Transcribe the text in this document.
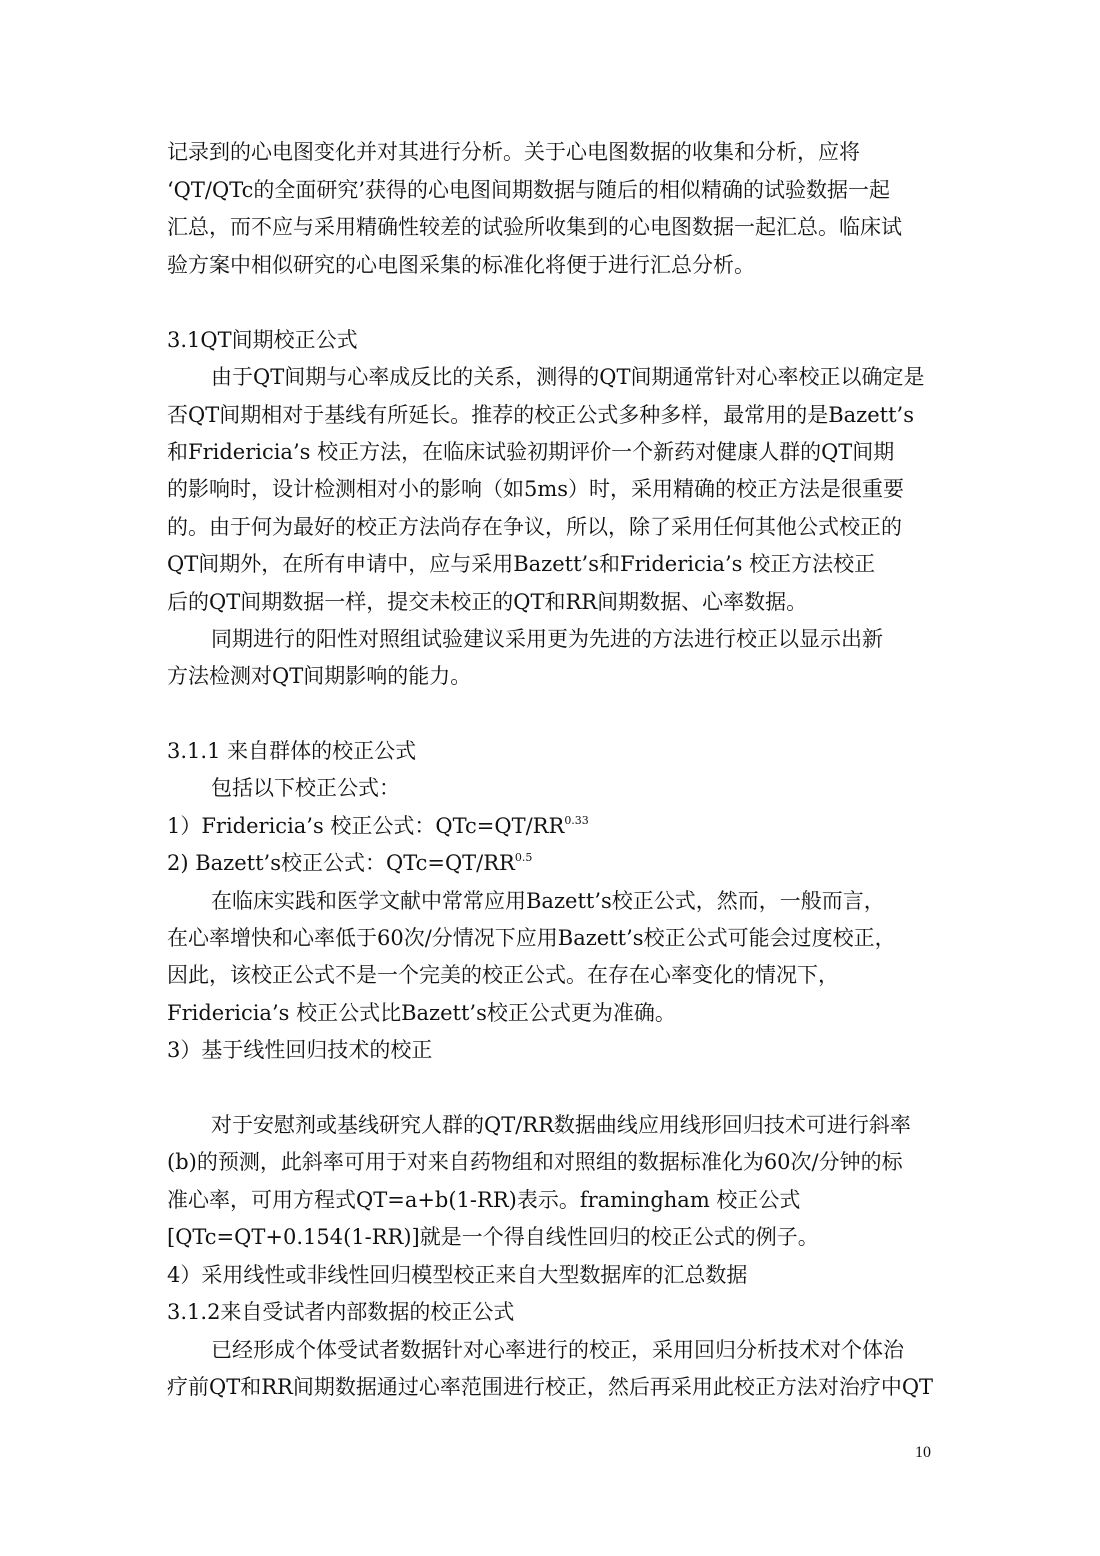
记录到的心电图变化并对其进行分析。关于心电图数据的收集和分析，应将
‘QT/QTc的全面研究’获得的心电图间期数据与随后的相似精确的试验数据一起
汇总，而不应与采用精确性较差的试验所收集到的心电图数据一起汇总。临床试
验方案中相似研究的心电图采集的标准化将便于进行汇总分析。
3.1QT间期校正公式
由于QT间期与心率成反比的关系，测得的QT间期通常针对心率校正以确定是
否QT间期相对于基线有所延长。推荐的校正公式多种多样，最常用的是Bazett’s
和Fridericia’s 校正方法，在临床试验初期评价一个新药对健康人群的QT间期
的影响时，设计检测相对小的影响（如5ms）时，采用精确的校正方法是很重要
的。由于何为最好的校正方法尚存在争议，所以，除了采用任何其他公式校正的
QT间期外，在所有申请中，应与采用Bazett’s和Fridericia’s 校正方法校正
后的QT间期数据一样，提交未校正的QT和RR间期数据、心率数据。
同期进行的阳性对照组试验建议采用更为先进的方法进行校正以显示出新
方法检测对QT间期影响的能力。
3.1.1 来自群体的校正公式
包括以下校正公式：
1）Fridericia’s 校正公式：$QTc=QT/RR^{0.33}$
2) Bazett’s校正公式：$QTc=QT/RR^{0.5}$
在临床实践和医学文献中常常应用Bazett’s校正公式，然而，一般而言，
在心率增快和心率低于60次/分情况下应用Bazett’s校正公式可能会过度校正，
因此，该校正公式不是一个完美的校正公式。在存在心率变化的情况下，
Fridericia’s 校正公式比Bazett’s校正公式更为准确。
3）基于线性回归技术的校正
对于安慰剂或基线研究人群的QT/RR数据曲线应用线形回归技术可进行斜率
(b)的预测，此斜率可用于对来自药物组和对照组的数据标准化为60次/分钟的标
准心率，可用方程式QT=a+b(1-RR)表示。framingham 校正公式
[QTc=QT+0.154(1-RR)]就是一个得自线性回归的校正公式的例子。
4）采用线性或非线性回归模型校正来自大型数据库的汇总数据
3.1.2来自受试者内部数据的校正公式
已经形成个体受试者数据针对心率进行的校正，采用回归分析技术对个体治
疗前QT和RR间期数据通过心率范围进行校正，然后再采用此校正方法对治疗中QT
10
